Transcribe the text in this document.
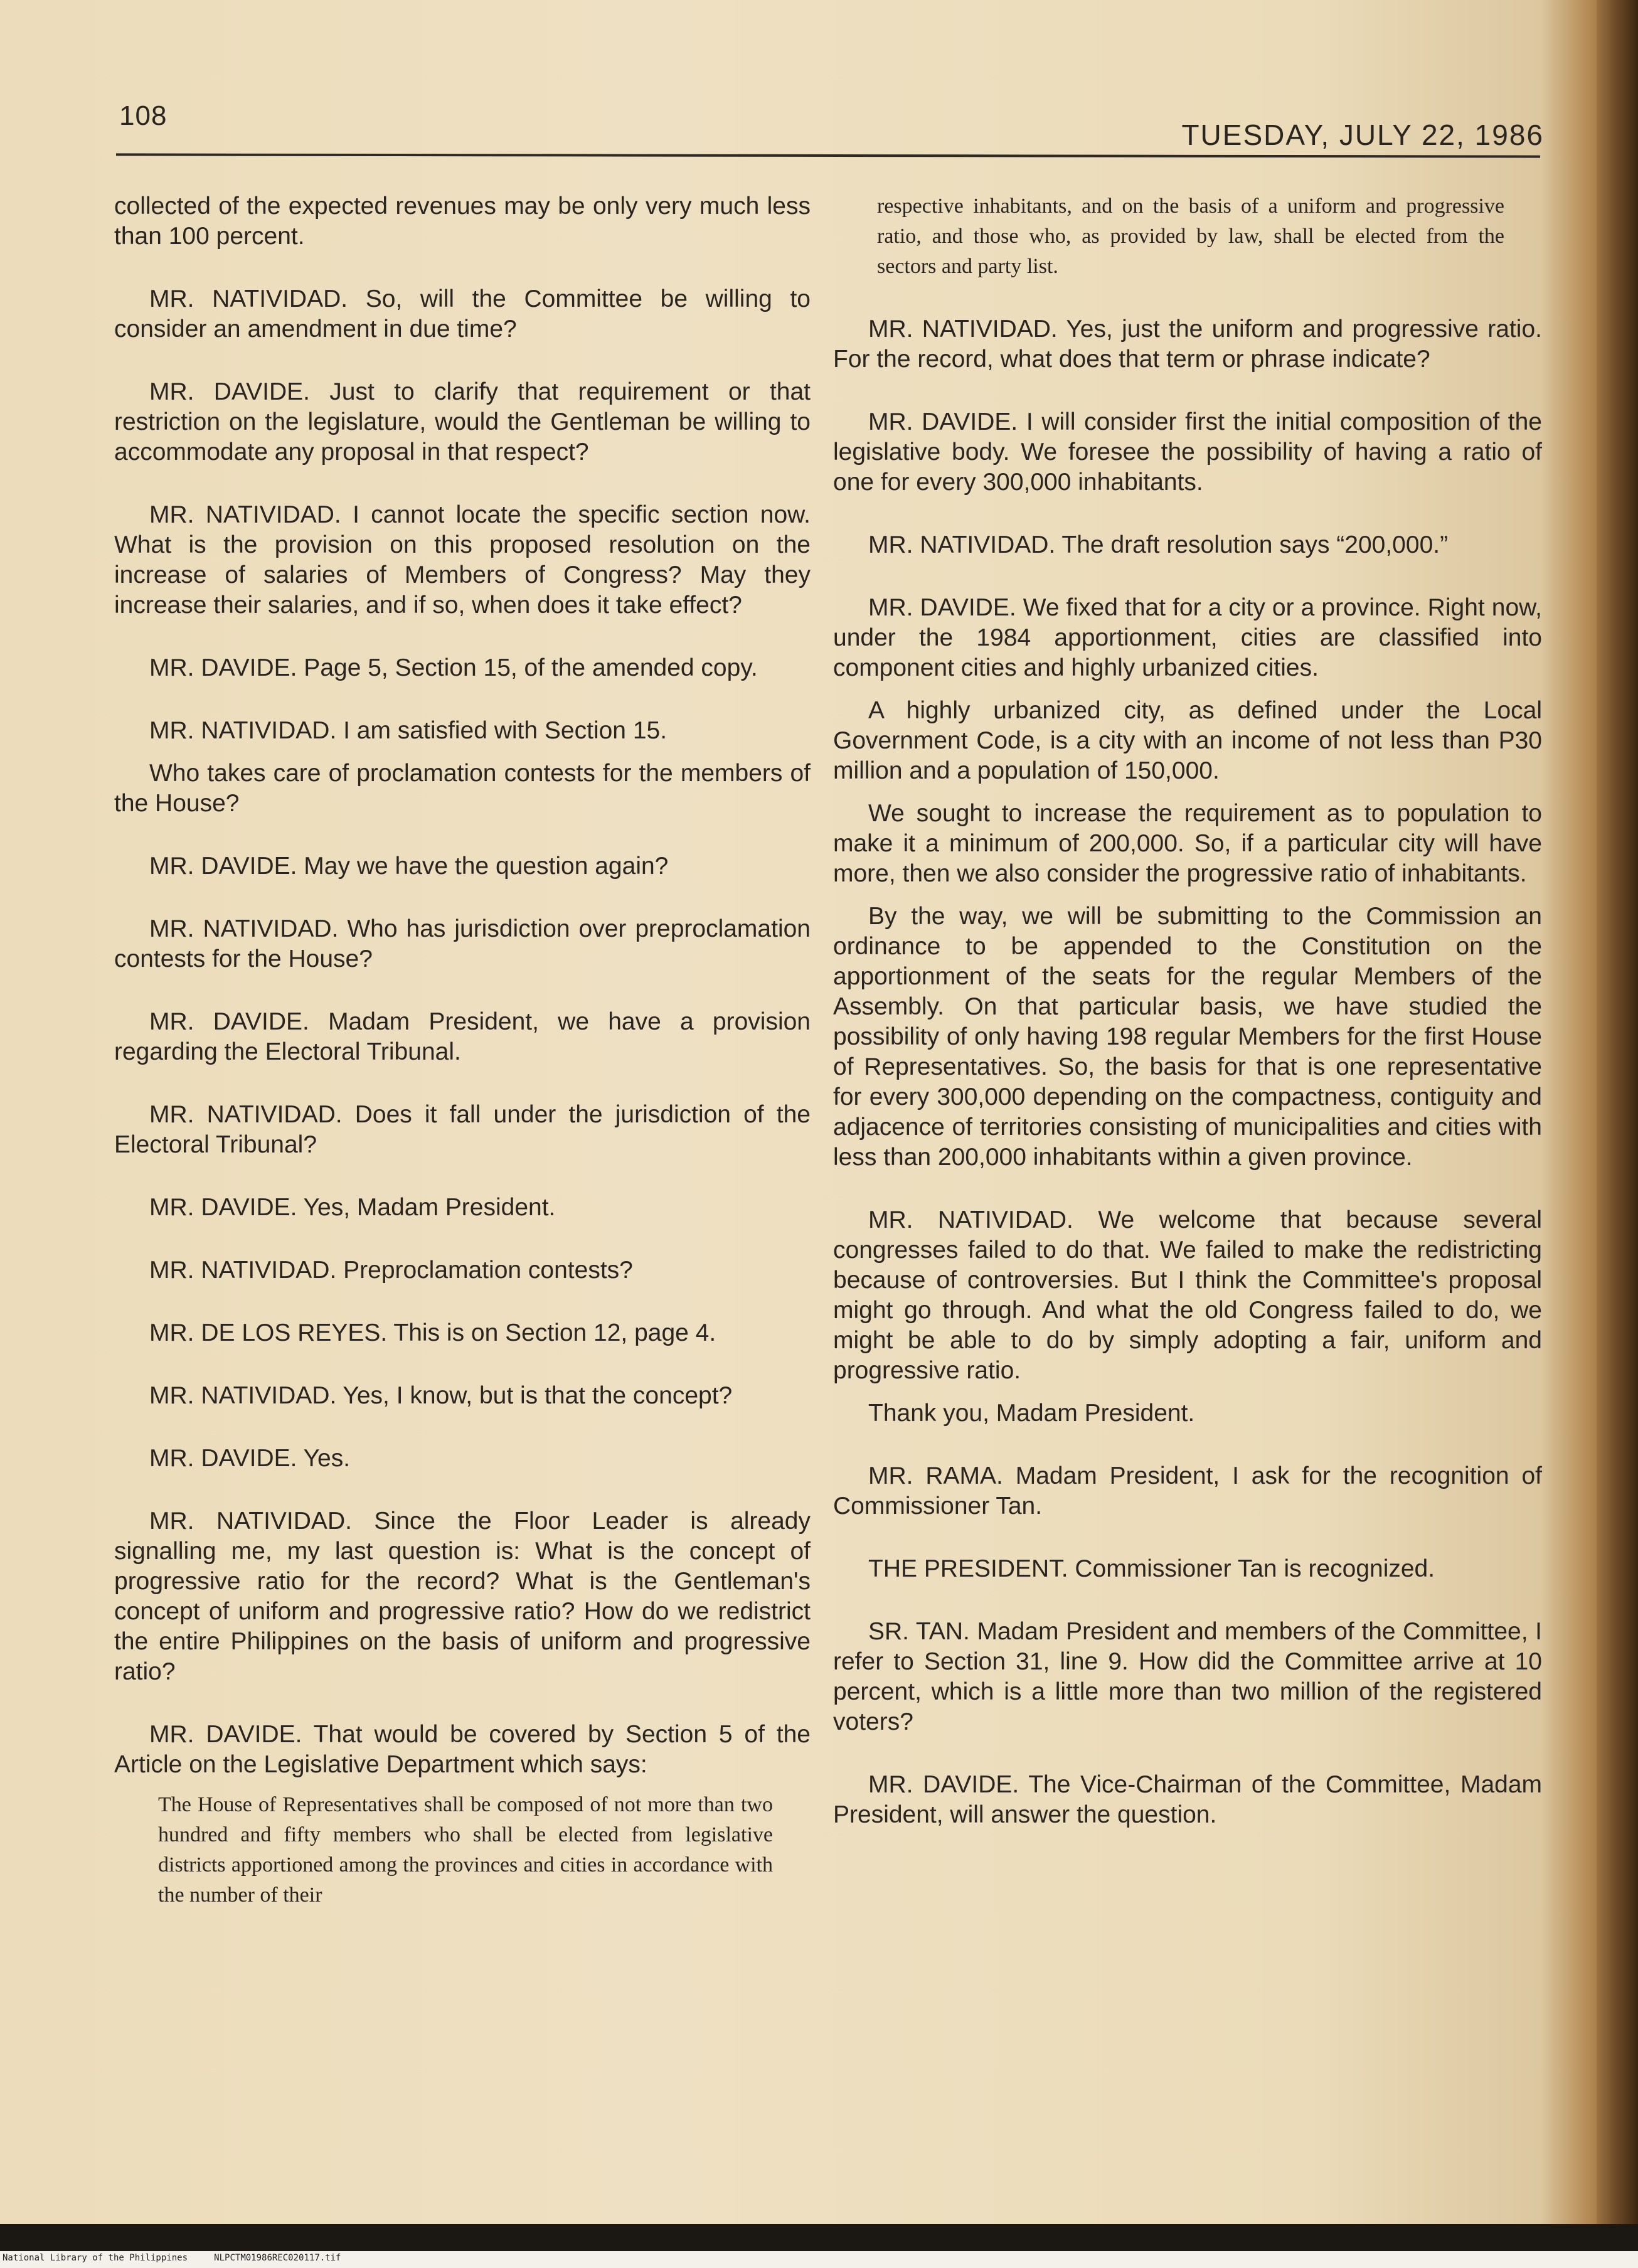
108
TUESDAY, JULY 22, 1986

collected of the expected revenues may be only very much less than 100 percent.

MR. NATIVIDAD. So, will the Committee be willing to consider an amendment in due time?

MR. DAVIDE. Just to clarify that requirement or that restriction on the legislature, would the Gentleman be willing to accommodate any proposal in that respect?

MR. NATIVIDAD. I cannot locate the specific section now. What is the provision on this proposed resolution on the increase of salaries of Members of Congress? May they increase their salaries, and if so, when does it take effect?

MR. DAVIDE. Page 5, Section 15, of the amended copy.

MR. NATIVIDAD. I am satisfied with Section 15.

Who takes care of proclamation contests for the members of the House?

MR. DAVIDE. May we have the question again?

MR. NATIVIDAD. Who has jurisdiction over preproclamation contests for the House?

MR. DAVIDE. Madam President, we have a provision regarding the Electoral Tribunal.

MR. NATIVIDAD. Does it fall under the jurisdiction of the Electoral Tribunal?

MR. DAVIDE. Yes, Madam President.

MR. NATIVIDAD. Preproclamation contests?

MR. DE LOS REYES. This is on Section 12, page 4.

MR. NATIVIDAD. Yes, I know, but is that the concept?

MR. DAVIDE. Yes.

MR. NATIVIDAD. Since the Floor Leader is already signalling me, my last question is: What is the concept of progressive ratio for the record? What is the Gentleman's concept of uniform and progressive ratio? How do we redistrict the entire Philippines on the basis of uniform and progressive ratio?

MR. DAVIDE. That would be covered by Section 5 of the Article on the Legislative Department which says:

The House of Representatives shall be composed of not more than two hundred and fifty members who shall be elected from legislative districts apportioned among the provinces and cities in accordance with the number of their
respective inhabitants, and on the basis of a uniform and progressive ratio, and those who, as provided by law, shall be elected from the sectors and party list.

MR. NATIVIDAD. Yes, just the uniform and progressive ratio. For the record, what does that term or phrase indicate?

MR. DAVIDE. I will consider first the initial composition of the legislative body. We foresee the possibility of having a ratio of one for every 300,000 inhabitants.

MR. NATIVIDAD. The draft resolution says “200,000.”

MR. DAVIDE. We fixed that for a city or a province. Right now, under the 1984 apportionment, cities are classified into component cities and highly urbanized cities.

A highly urbanized city, as defined under the Local Government Code, is a city with an income of not less than P30 million and a population of 150,000.

We sought to increase the requirement as to population to make it a minimum of 200,000. So, if a particular city will have more, then we also consider the progressive ratio of inhabitants.

By the way, we will be submitting to the Commission an ordinance to be appended to the Constitution on the apportionment of the seats for the regular Members of the Assembly. On that particular basis, we have studied the possibility of only having 198 regular Members for the first House of Representatives. So, the basis for that is one representative for every 300,000 depending on the compactness, contiguity and adjacence of territories consisting of municipalities and cities with less than 200,000 inhabitants within a given province.

MR. NATIVIDAD. We welcome that because several congresses failed to do that. We failed to make the redistricting because of controversies. But I think the Committee's proposal might go through. And what the old Congress failed to do, we might be able to do by simply adopting a fair, uniform and progressive ratio.

Thank you, Madam President.

MR. RAMA. Madam President, I ask for the recognition of Commissioner Tan.

THE PRESIDENT. Commissioner Tan is recognized.

SR. TAN. Madam President and members of the Committee, I refer to Section 31, line 9. How did the Committee arrive at 10 percent, which is a little more than two million of the registered voters?

MR. DAVIDE. The Vice-Chairman of the Committee, Madam President, will answer the question.

National Library of the Philippines	NLPCTM01986REC020117.tif
